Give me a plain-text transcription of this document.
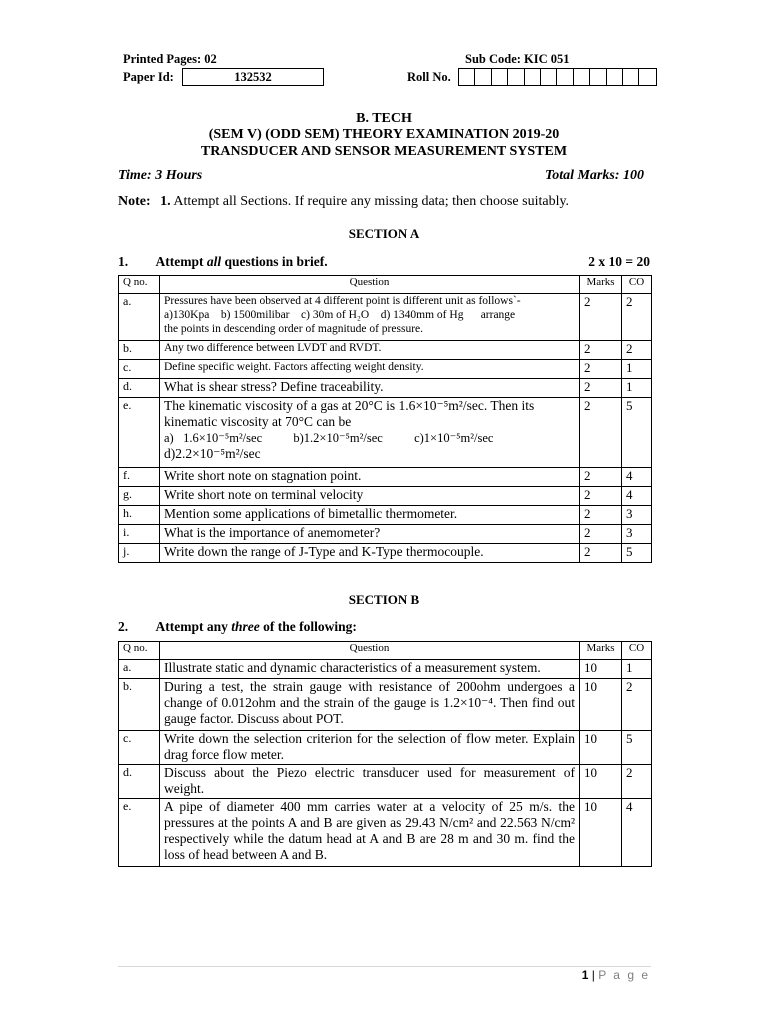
Printed Pages: 02	Sub Code: KIC 051
Paper Id:	132532	Roll No.
B. TECH
(SEM V) (ODD SEM) THEORY EXAMINATION 2019-20
TRANSDUCER AND SENSOR MEASUREMENT SYSTEM
Time: 3 Hours	Total Marks: 100
Note: 1. Attempt all Sections. If require any missing data; then choose suitably.
SECTION A
1. Attempt all questions in brief.	2 x 10 = 20
Q no.	Question	Marks	CO
a.	Pressures have been observed at 4 different point is different unit as follows`-
a)130Kpa    b) 1500milibar    c) 30m of H₂O    d) 1340mm of Hg      arrange
the points in descending order of magnitude of pressure.	2	2
b.	Any two difference between LVDT and RVDT.	2	2
c.	Define specific weight. Factors affecting weight density.	2	1
d.	What is shear stress? Define traceability.	2	1
e.	The kinematic viscosity of a gas at 20°C is 1.6×10⁻⁵m²/sec. Then its
kinematic viscosity at 70°C can be
a)   1.6×10⁻⁵m²/sec          b)1.2×10⁻⁵m²/sec          c)1×10⁻⁵m²/sec
d)2.2×10⁻⁵m²/sec	2	5
f.	Write short note on stagnation point.	2	4
g.	Write short note on terminal velocity	2	4
h.	Mention some applications of bimetallic thermometer.	2	3
i.	What is the importance of anemometer?	2	3
j.	Write down the range of J-Type and K-Type thermocouple.	2	5
SECTION B
2. Attempt any three of the following:
Q no.	Question	Marks	CO
a.	Illustrate static and dynamic characteristics of a measurement system.	10	1
b.	During a test, the strain gauge with resistance of 200ohm undergoes a change of 0.012ohm and the strain of the gauge is 1.2×10⁻⁴. Then find out gauge factor. Discuss about POT.	10	2
c.	Write down the selection criterion for the selection of flow meter. Explain drag force flow meter.	10	5
d.	Discuss about the Piezo electric transducer used for measurement of weight.	10	2
e.	A pipe of diameter 400 mm carries water at a velocity of 25 m/s. the pressures at the points A and B are given as 29.43 N/cm² and 22.563 N/cm² respectively while the datum head at A and B are 28 m and 30 m. find the loss of head between A and B.	10	4
1 | P a g e
